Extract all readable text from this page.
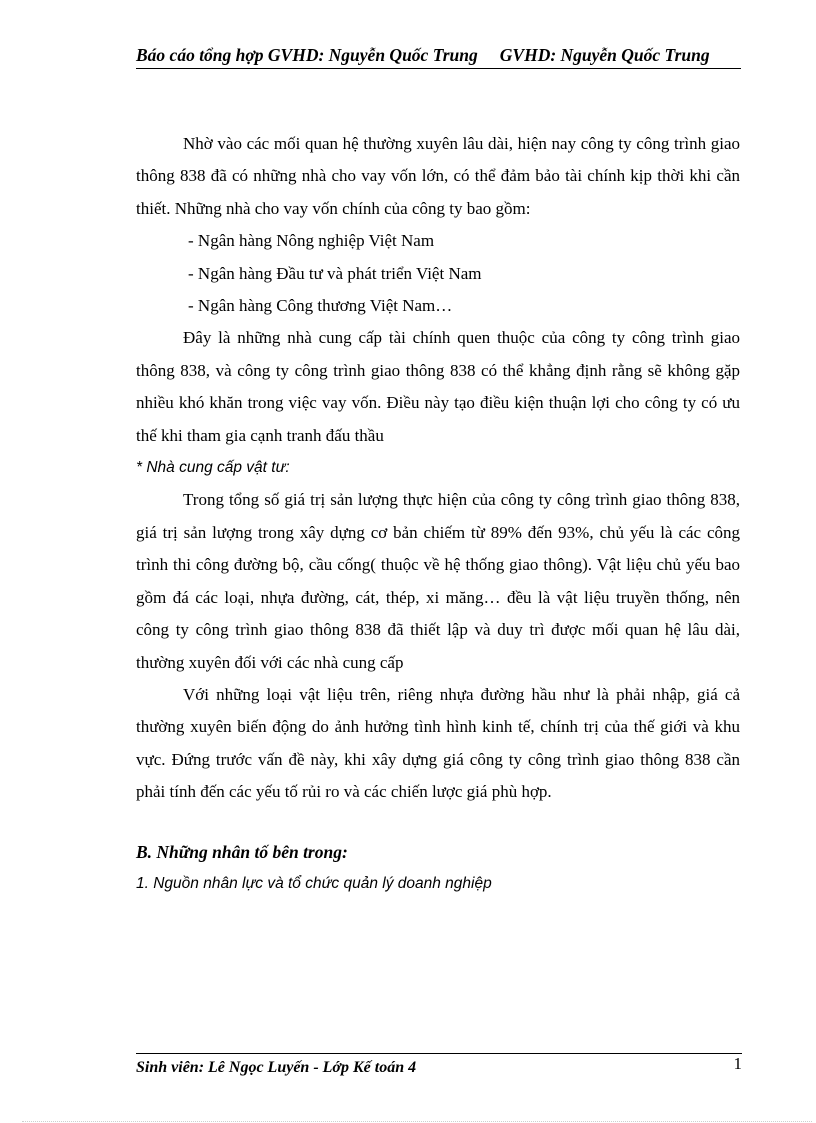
Báo cáo tổng hợp GVHD: Nguyễn Quốc Trung GVHD: Nguyễn Quốc Trung

Nhờ vào các mối quan hệ thường xuyên lâu dài, hiện nay công ty công trình giao thông 838 đã có những nhà cho vay vốn lớn, có thể đảm bảo tài chính kịp thời khi cần thiết. Những nhà cho vay vốn chính của công ty bao gồm:

- Ngân hàng Nông nghiệp Việt Nam

- Ngân hàng Đầu tư và phát triển Việt Nam

- Ngân hàng Công thương Việt Nam…

Đây là những nhà cung cấp tài chính quen thuộc của công ty công trình giao thông 838, và công ty công trình giao thông 838 có thể khẳng định rằng sẽ không gặp nhiều khó khăn trong việc vay vốn. Điều này tạo điều kiện thuận lợi cho công ty có ưu thế khi tham gia cạnh tranh đấu thầu

* Nhà cung cấp vật tư:

Trong tổng số giá trị sản lượng thực hiện của công ty công trình giao thông 838, giá trị sản lượng trong xây dựng cơ bản chiếm từ 89% đến 93%, chủ yếu là các công trình thi công đường bộ, cầu cống( thuộc về hệ thống giao thông). Vật liệu chủ yếu bao gồm đá các loại, nhựa đường, cát, thép, xi măng… đều là vật liệu truyền thống, nên công ty công trình giao thông 838 đã thiết lập và duy trì được mối quan hệ lâu dài, thường xuyên đối với các nhà cung cấp

Với những loại vật liệu trên, riêng nhựa đường hầu như là phải nhập, giá cả thường xuyên biến động do ảnh hưởng tình hình kinh tế, chính trị của thế giới và khu vực. Đứng trước vấn đề này, khi xây dựng giá công ty công trình giao thông 838 cần phải tính đến các yếu tố rủi ro và các chiến lược giá phù hợp.

B. Những nhân tố bên trong:

1. Nguồn nhân lực và tổ chức quản lý doanh nghiệp

Sinh viên: Lê Ngọc Luyến - Lớp Kế toán 4	1
